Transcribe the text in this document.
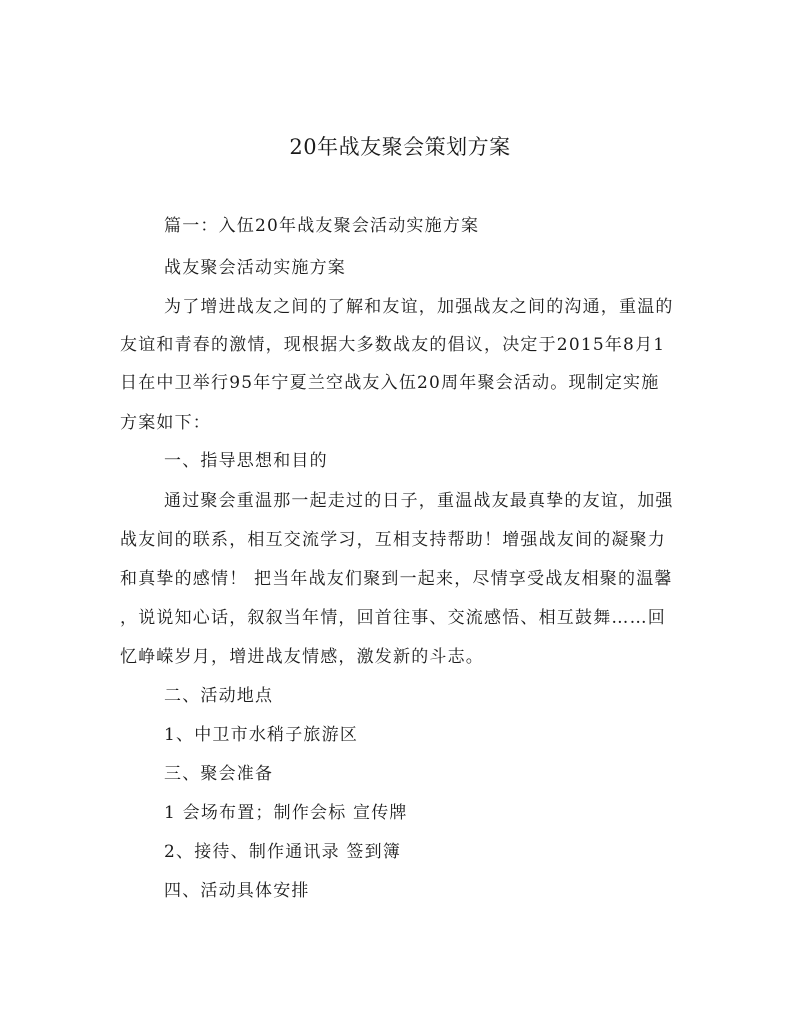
20年战友聚会策划方案
篇一：入伍20年战友聚会活动实施方案
战友聚会活动实施方案
为了增进战友之间的了解和友谊，加强战友之间的沟通，重温的
友谊和青春的激情，现根据大多数战友的倡议，决定于2015年8月1
日在中卫举行95年宁夏兰空战友入伍20周年聚会活动。现制定实施
方案如下：
一、指导思想和目的
通过聚会重温那一起走过的日子，重温战友最真挚的友谊，加强
战友间的联系，相互交流学习，互相支持帮助！增强战友间的凝聚力
和真挚的感情！ 把当年战友们聚到一起来，尽情享受战友相聚的温馨
，说说知心话，叙叙当年情，回首往事、交流感悟、相互鼓舞……回
忆峥嵘岁月，增进战友情感，激发新的斗志。
二、活动地点
1、中卫市水稍子旅游区
三、聚会准备
1 会场布置；制作会标 宣传牌
2、接待、制作通讯录 签到簿
四、活动具体安排
